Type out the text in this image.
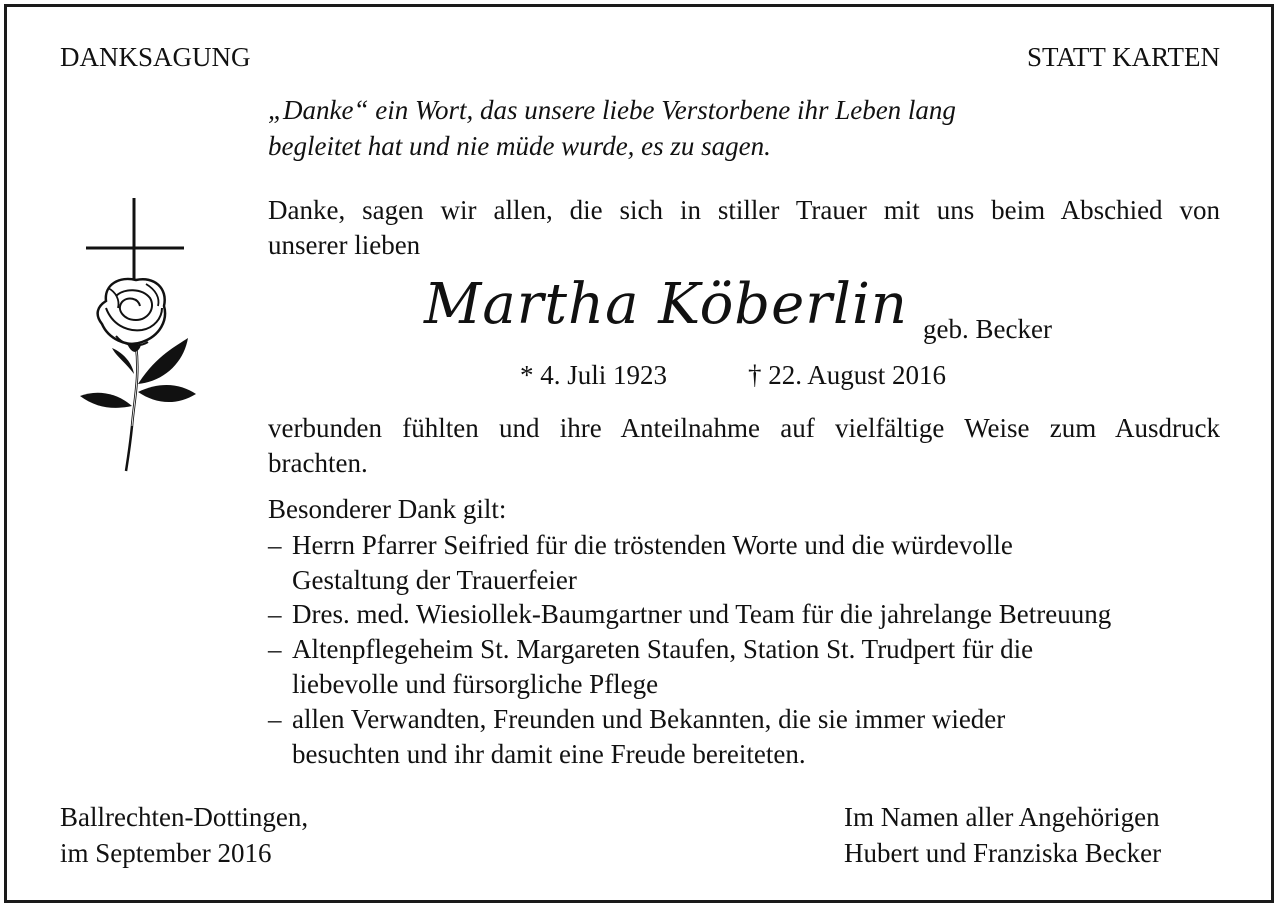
DANKSAGUNG	STATT KARTEN
„Danke“ ein Wort, das unsere liebe Verstorbene ihr Leben lang
begleitet hat und nie müde wurde, es zu sagen.
Danke, sagen wir allen, die sich in stiller Trauer mit uns beim Abschied von
unserer lieben
Martha Köberlin geb. Becker
* 4. Juli 1923	† 22. August 2016
verbunden fühlten und ihre Anteilnahme auf vielfältige Weise zum Ausdruck
brachten.
Besonderer Dank gilt:
– Herrn Pfarrer Seifried für die tröstenden Worte und die würdevolle
Gestaltung der Trauerfeier
– Dres. med. Wiesiollek-Baumgartner und Team für die jahrelange Betreuung
– Altenpflegeheim St. Margareten Staufen, Station St. Trudpert für die
liebevolle und fürsorgliche Pflege
– allen Verwandten, Freunden und Bekannten, die sie immer wieder
besuchten und ihr damit eine Freude bereiteten.
Ballrechten-Dottingen,
im September 2016
Im Namen aller Angehörigen
Hubert und Franziska Becker
